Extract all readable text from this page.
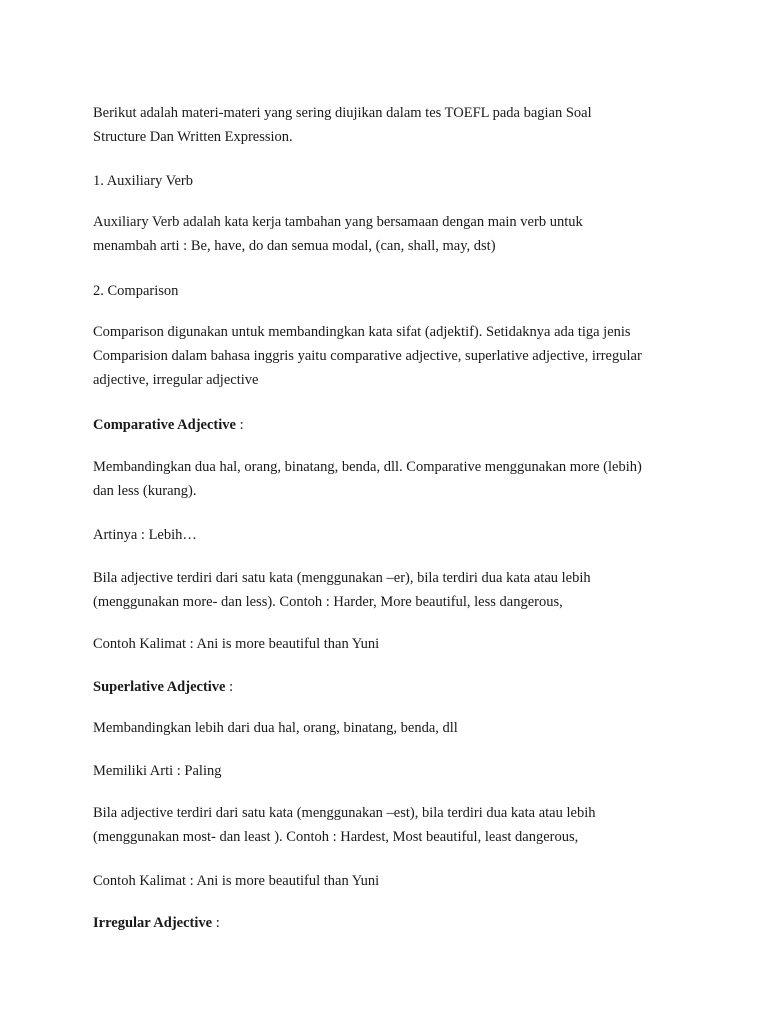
Berikut adalah materi-materi yang sering diujikan dalam tes TOEFL pada bagian Soal
Structure Dan Written Expression.

1. Auxiliary Verb

Auxiliary Verb adalah kata kerja tambahan yang bersamaan dengan main verb untuk
menambah arti : Be, have, do dan semua modal, (can, shall, may, dst)

2. Comparison

Comparison digunakan untuk membandingkan kata sifat (adjektif). Setidaknya ada tiga jenis
Comparision dalam bahasa inggris yaitu comparative adjective, superlative adjective, irregular
adjective, irregular adjective

Comparative Adjective :

Membandingkan dua hal, orang, binatang, benda, dll. Comparative menggunakan more (lebih)
dan less (kurang).

Artinya : Lebih…

Bila adjective terdiri dari satu kata (menggunakan –er), bila terdiri dua kata atau lebih
(menggunakan more- dan less). Contoh : Harder, More beautiful, less dangerous,

Contoh Kalimat : Ani is more beautiful than Yuni

Superlative Adjective :

Membandingkan lebih dari dua hal, orang, binatang, benda, dll

Memiliki Arti : Paling

Bila adjective terdiri dari satu kata (menggunakan –est), bila terdiri dua kata atau lebih
(menggunakan most- dan least ). Contoh : Hardest, Most beautiful, least dangerous,

Contoh Kalimat : Ani is more beautiful than Yuni

Irregular Adjective :
